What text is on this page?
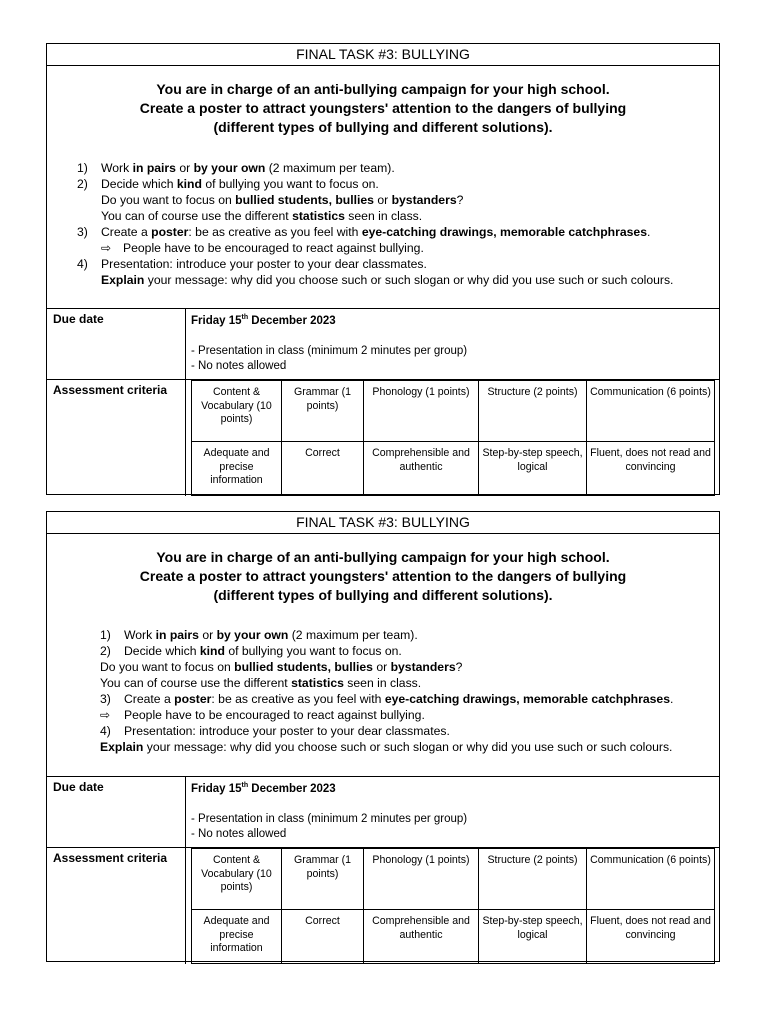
FINAL TASK #3: BULLYING
You are in charge of an anti-bullying campaign for your high school.
Create a poster to attract youngsters' attention to the dangers of bullying
(different types of bullying and different solutions).
1) Work in pairs or by your own (2 maximum per team).
2) Decide which kind of bullying you want to focus on.
Do you want to focus on bullied students, bullies or bystanders?
You can of course use the different statistics seen in class.
3) Create a poster: be as creative as you feel with eye-catching drawings, memorable catchphrases.
⇨ People have to be encouraged to react against bullying.
4) Presentation: introduce your poster to your dear classmates.
Explain your message: why did you choose such or such slogan or why did you use such or such colours.
Due date	Friday 15th December 2023
- Presentation in class (minimum 2 minutes per group)
- No notes allowed
Assessment criteria	Content & Vocabulary (10 points)	Grammar (1 points)	Phonology (1 points)	Structure (2 points)	Communication (6 points)
Adequate and precise information	Correct	Comprehensible and authentic	Step-by-step speech, logical	Fluent, does not read and convincing
FINAL TASK #3: BULLYING
You are in charge of an anti-bullying campaign for your high school.
Create a poster to attract youngsters' attention to the dangers of bullying
(different types of bullying and different solutions).
1) Work in pairs or by your own (2 maximum per team).
2) Decide which kind of bullying you want to focus on.
Do you want to focus on bullied students, bullies or bystanders?
You can of course use the different statistics seen in class.
3) Create a poster: be as creative as you feel with eye-catching drawings, memorable catchphrases.
⇨ People have to be encouraged to react against bullying.
4) Presentation: introduce your poster to your dear classmates.
Explain your message: why did you choose such or such slogan or why did you use such or such colours.
Due date	Friday 15th December 2023
- Presentation in class (minimum 2 minutes per group)
- No notes allowed
Assessment criteria	Content & Vocabulary (10 points)	Grammar (1 points)	Phonology (1 points)	Structure (2 points)	Communication (6 points)
Adequate and precise information	Correct	Comprehensible and authentic	Step-by-step speech, logical	Fluent, does not read and convincing
